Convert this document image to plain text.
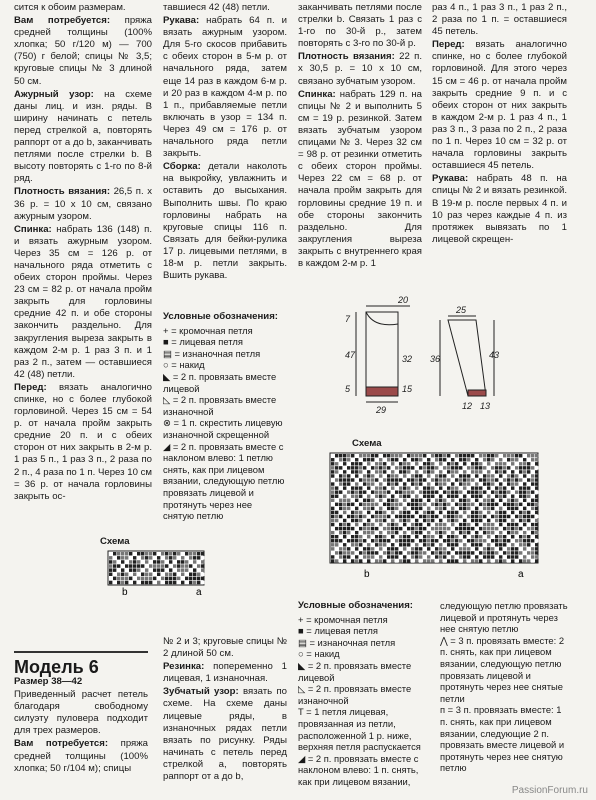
сится к обоим размерам.

Вам потребуется: пряжа средней толщины (100% хлопка; 50 г/120 м) — 700 (750) г белой; спицы № 3,5; круговые спицы № 3 длиной 50 см.

Ажурный узор: на схеме даны лиц. и изн. ряды. В ширину начинать с петель перед стрелкой a, повторять раппорт от a до b, заканчивать петлями после стрелки b. В высоту повторять с 1-го по 8-й ряд.

Плотность вязания: 26,5 п. х 36 р. = 10 х 10 см, связано ажурным узором.

Спинка: набрать 136 (148) п. и вязать ажурным узором. Через 35 см = 126 р. от начального ряда отметить с обеих сторон проймы. Через 23 см = 82 р. от начала пройм закрыть для горловины средние 42 п. и обе стороны закончить раздельно. Для закругления выреза закрыть в каждом 2-м р. 1 раз 3 п. и 1 раз 2 п., затем — оставшиеся 42 (48) петли.

Перед: вязать аналогично спинке, но с более глубокой горловиной. Через 15 см = 54 р. от начала пройм закрыть средние 20 п. и с обеих сторон от них закрыть в 2-м р. 1 раз 5 п., 1 раз 3 п., 2 раза по 2 п., 4 раза по 1 п. Через 10 см = 36 р. от начала горловины закрыть ос-

тавшиеся 42 (48) петли.

Рукава: набрать 64 п. и вязать ажурным узором. Для 5-го скосов прибавить с обеих сторон в 5-м р. от начального ряда, затем еще 14 раз в каждом 6-м р. и 20 раз в каждом 4-м р. по 1 п., прибавляемые петли включать в узор = 134 п. Через 49 см = 176 р. от начального ряда петли закрыть.

Сборка: детали наколоть на выкройку, увлажнить и оставить до высыхания. Выполнить швы. По краю горловины набрать на круговые спицы 116 п. Связать для бейки-рулика 17 р. лицевыми петлями, в 18-м р. петли закрыть. Вшить рукава.

заканчивать петлями после стрелки b. Связать 1 раз с 1-го по 30-й р., затем повторять с 3-го по 30-й р.

Плотность вязания: 22 п. х 30,5 р. = 10 х 10 см, связано зубчатым узором.

Спинка: набрать 129 п. на спицы № 2 и выполнить 5 см = 19 р. резинкой. Затем вязать зубчатым узором спицами № 3. Через 32 см = 98 р. от резинки отметить с обеих сторон проймы. Через 22 см = 68 р. от начала пройм закрыть для горловины средние 19 п. и обе стороны закончить раздельно. Для закругления выреза закрыть с внутреннего края в каждом 2-м р. 1

раз 4 п., 1 раз 3 п., 1 раз 2 п., 2 раза по 1 п. = оставшиеся 45 петель.

Перед: вязать аналогично спинке, но с более глубокой горловиной. Для этого через 15 см = 46 р. от начала пройм закрыть средние 9 п. и с обеих сторон от них закрыть в каждом 2-м р. 1 раз 4 п., 1 раз 3 п., 3 раза по 2 п., 2 раза по 1 п. Через 10 см = 32 р. от начала горловины закрыть оставшиеся 45 петель.

Рукава: набрать 48 п. на спицы № 2 и вязать резинкой. В 19-м р. после первых 4 п. и 10 раз через каждые 4 п. из протяжек вывязать по 1 лицевой скрещен-

20
7
47	32
15
5
29
25
36	43
12 13
Условные обозначения:
+ = кромочная петля
■ = лицевая петля
▤ = изнаночная петля
○ = накид
◣ = 2 п. провязать вместе лицевой
◺ = 2 п. провязать вместе изнаночной
⊗ = 1 п. скрестить лицевую изнаночной скрещенной
◢ = 2 п. провязать вместе с наклоном влево: 1 петлю снять, как при лицевом вязании, следующую петлю провязать лицевой и протянуть через нее снятую петлю
Схема
b	a
Схема
b	a
Модель 6

Размер 38—42

Приведенный расчет петель благодаря свободному силуэту пуловера подходит для трех размеров.

Вам потребуется: пряжа средней толщины (100% хлопка; 50 г/104 м); спицы

№ 2 и 3; круговые спицы № 2 длиной 50 см.

Резинка: попеременно 1 лицевая, 1 изнаночная.

Зубчатый узор: вязать по схеме. На схеме даны лицевые ряды, в изнаночных рядах петли вязать по рисунку. Ряды начинать с петель перед стрелкой a, повторять раппорт от a до b,

Условные обозначения:
+ = кромочная петля
■ = лицевая петля
▤ = изнаночная петля
○ = накид
◣ = 2 п. провязать вместе лицевой
◺ = 2 п. провязать вместе изнаночной
T = 1 петля лицевая, провязанная из петли, расположенной 1 р. ниже, верхняя петля распускается
◢ = 2 п. провязать вместе с наклоном влево: 1 п. снять, как при лицевом вязании,
следующую петлю провязать лицевой и протянуть через нее снятую петлю
⋀ = 3 п. провязать вместе: 2 п. снять, как при лицевом вязании, следующую петлю провязать лицевой и протянуть через нее снятые петли
ᴨ = 3 п. провязать вместе: 1 п. снять, как при лицевом вязании, следующие 2 п. провязать вместе лицевой и протянуть через нее снятую петлю
PassionForum.ru
